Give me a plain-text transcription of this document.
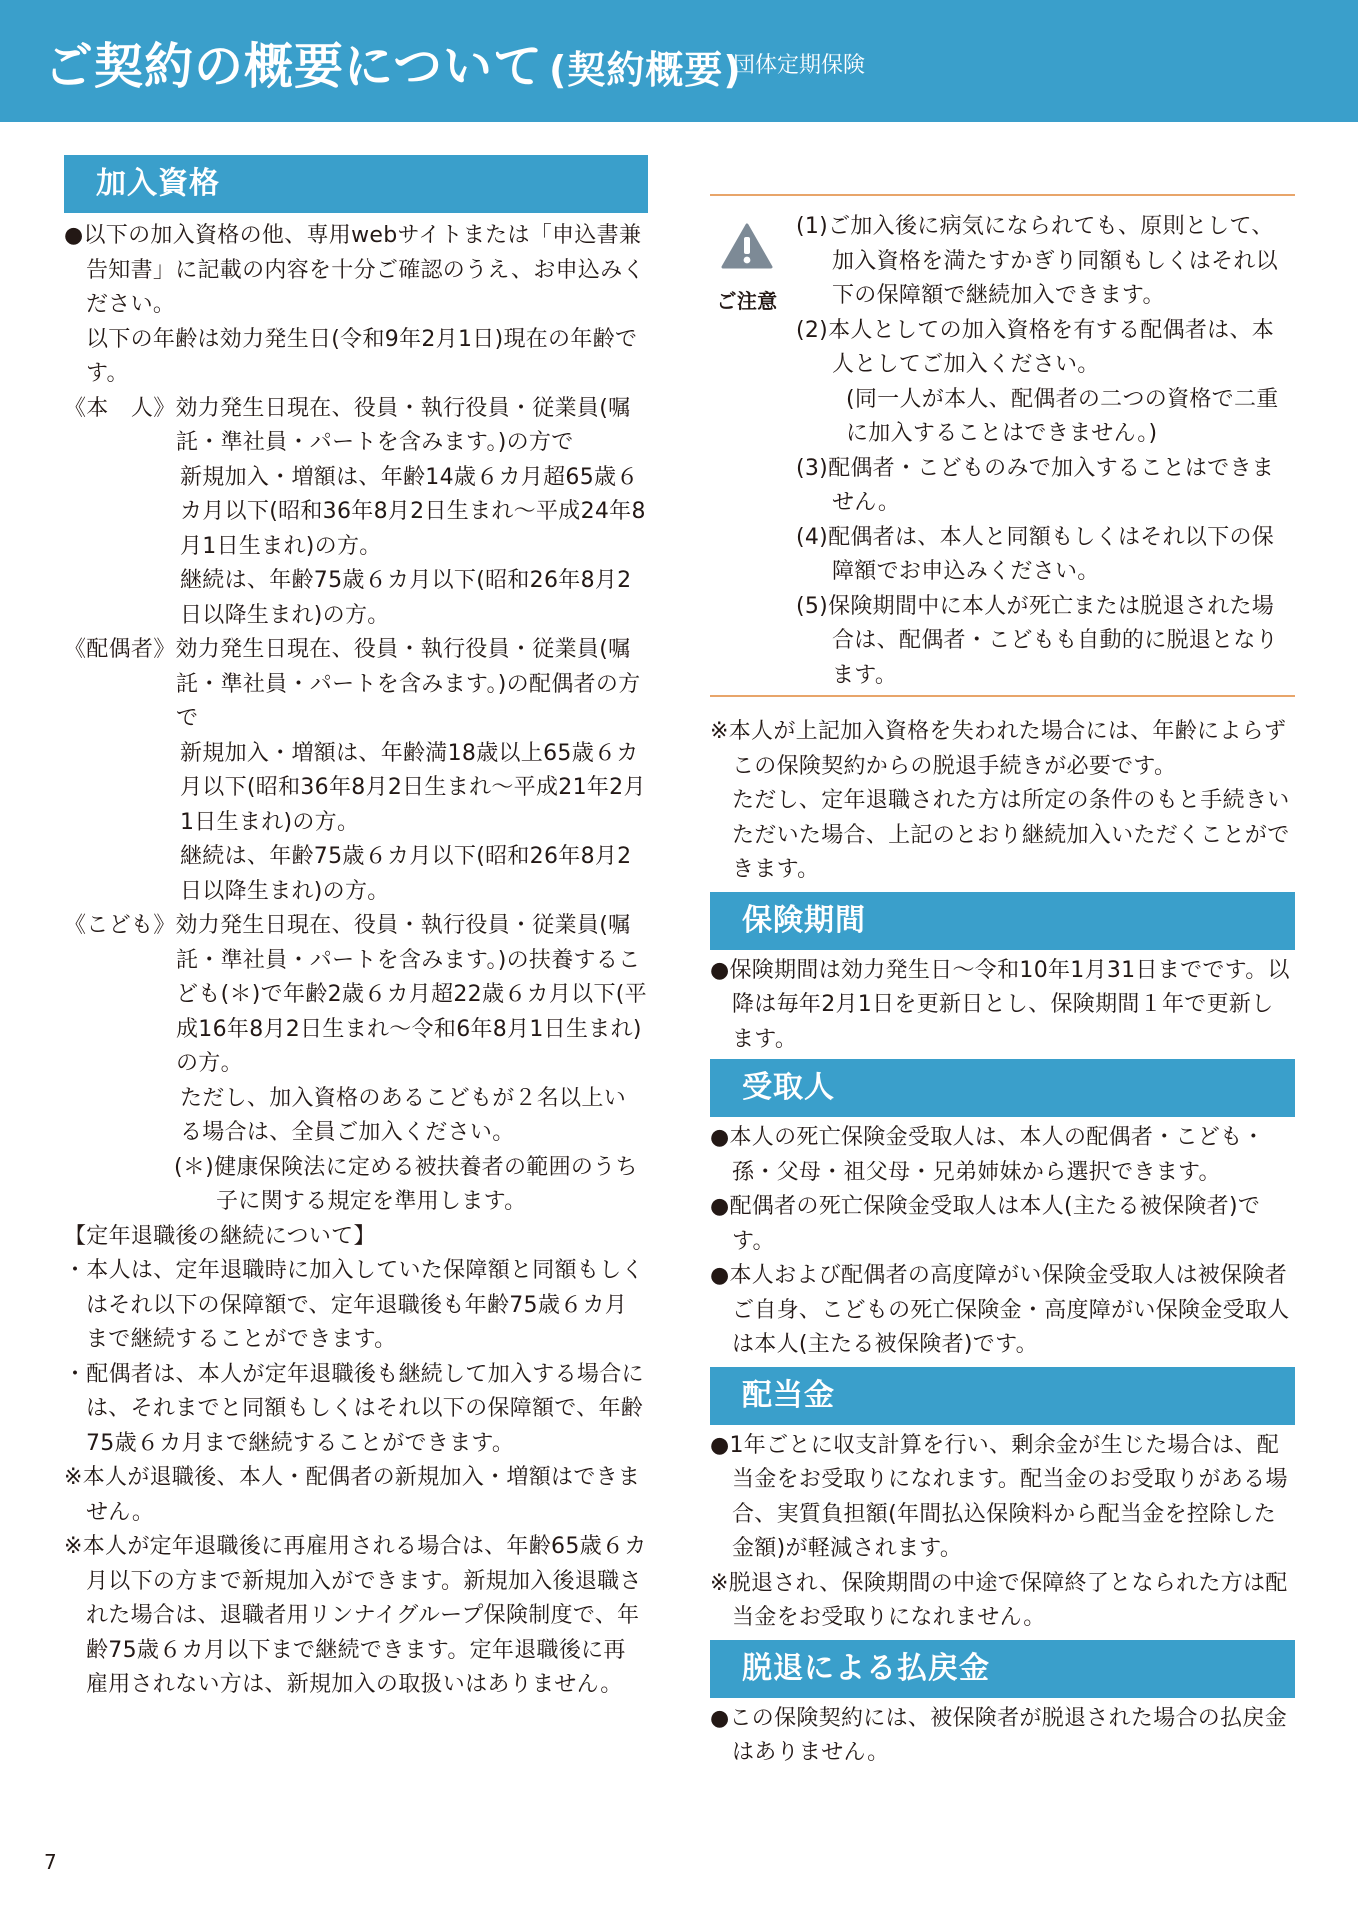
ご契約の概要について (契約概要)
団体定期保険
加入資格

●以下の加入資格の他、専用webサイトまたは「申込書兼告知書」に記載の内容を十分ご確認のうえ、お申込みください。

以下の年齢は効力発生日(令和9年2月1日)現在の年齢です。

《本　人》効力発生日現在、役員・執行役員・従業員(嘱託・準社員・パートを含みます。)の方で

新規加入・増額は、年齢14歳６カ月超65歳６カ月以下(昭和36年8月2日生まれ～平成24年8月1日生まれ)の方。

継続は、年齢75歳６カ月以下(昭和26年8月2日以降生まれ)の方。

《配偶者》効力発生日現在、役員・執行役員・従業員(嘱託・準社員・パートを含みます。)の配偶者の方で

新規加入・増額は、年齢満18歳以上65歳６カ月以下(昭和36年8月2日生まれ～平成21年2月1日生まれ)の方。

継続は、年齢75歳６カ月以下(昭和26年8月2日以降生まれ)の方。

《こども》効力発生日現在、役員・執行役員・従業員(嘱託・準社員・パートを含みます。)の扶養するこども(＊)で年齢2歳６カ月超22歳６カ月以下(平成16年8月2日生まれ～令和6年8月1日生まれ)の方。

ただし、加入資格のあるこどもが２名以上いる場合は、全員ご加入ください。

(＊)健康保険法に定める被扶養者の範囲のうち子に関する規定を準用します。

【定年退職後の継続について】

・本人は、定年退職時に加入していた保障額と同額もしくはそれ以下の保障額で、定年退職後も年齢75歳６カ月まで継続することができます。

・配偶者は、本人が定年退職後も継続して加入する場合には、それまでと同額もしくはそれ以下の保障額で、年齢75歳６カ月まで継続することができます。

※本人が退職後、本人・配偶者の新規加入・増額はできません。

※本人が定年退職後に再雇用される場合は、年齢65歳６カ月以下の方まで新規加入ができます。新規加入後退職された場合は、退職者用リンナイグループ保険制度で、年齢75歳６カ月以下まで継続できます。定年退職後に再雇用されない方は、新規加入の取扱いはありません。

ご注意

(1)ご加入後に病気になられても、原則として、加入資格を満たすかぎり同額もしくはそれ以下の保障額で継続加入できます。

(2)本人としての加入資格を有する配偶者は、本人としてご加入ください。

(同一人が本人、配偶者の二つの資格で二重に加入することはできません。)

(3)配偶者・こどものみで加入することはできません。

(4)配偶者は、本人と同額もしくはそれ以下の保障額でお申込みください。

(5)保険期間中に本人が死亡または脱退された場合は、配偶者・こどもも自動的に脱退となります。

※本人が上記加入資格を失われた場合には、年齢によらずこの保険契約からの脱退手続きが必要です。

ただし、定年退職された方は所定の条件のもと手続きいただいた場合、上記のとおり継続加入いただくことができます。

保険期間

●保険期間は効力発生日～令和10年1月31日までです。以降は毎年2月1日を更新日とし、保険期間１年で更新します。

受取人

●本人の死亡保険金受取人は、本人の配偶者・こども・孫・父母・祖父母・兄弟姉妹から選択できます。

●配偶者の死亡保険金受取人は本人(主たる被保険者)です。

●本人および配偶者の高度障がい保険金受取人は被保険者ご自身、こどもの死亡保険金・高度障がい保険金受取人は本人(主たる被保険者)です。

配当金

●1年ごとに収支計算を行い、剰余金が生じた場合は、配当金をお受取りになれます。配当金のお受取りがある場合、実質負担額(年間払込保険料から配当金を控除した金額)が軽減されます。

※脱退され、保険期間の中途で保障終了となられた方は配当金をお受取りになれません。

脱退による払戻金

●この保険契約には、被保険者が脱退された場合の払戻金はありません。

7
